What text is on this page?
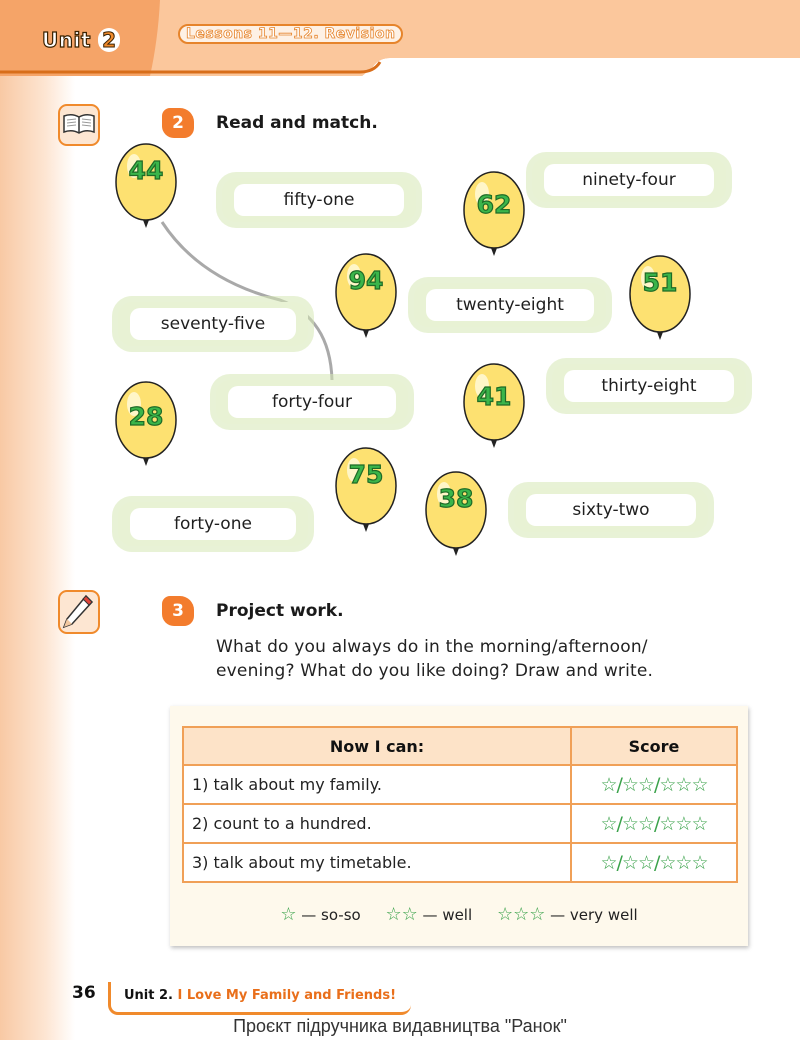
Unit 2	Lessons 11—12. Revision
2	Read and match.
44
62
94	51
28
41
75
38
fifty-one
ninety-four
seventy-five
twenty-eight
forty-four
thirty-eight
forty-one
sixty-two
3	Project work.
What do you always do in the morning/afternoon/ evening? What do you like doing? Draw and write.
Now I can:	Score
1) talk about my family.	☆/☆☆/☆☆☆
2) count to a hundred.	☆/☆☆/☆☆☆
3) talk about my timetable.	☆/☆☆/☆☆☆
☆ — so-so ☆☆ — well ☆☆☆ — very well
36 Unit 2. I Love My Family and Friends!
Проєкт підручника видавництва "Ранок"
